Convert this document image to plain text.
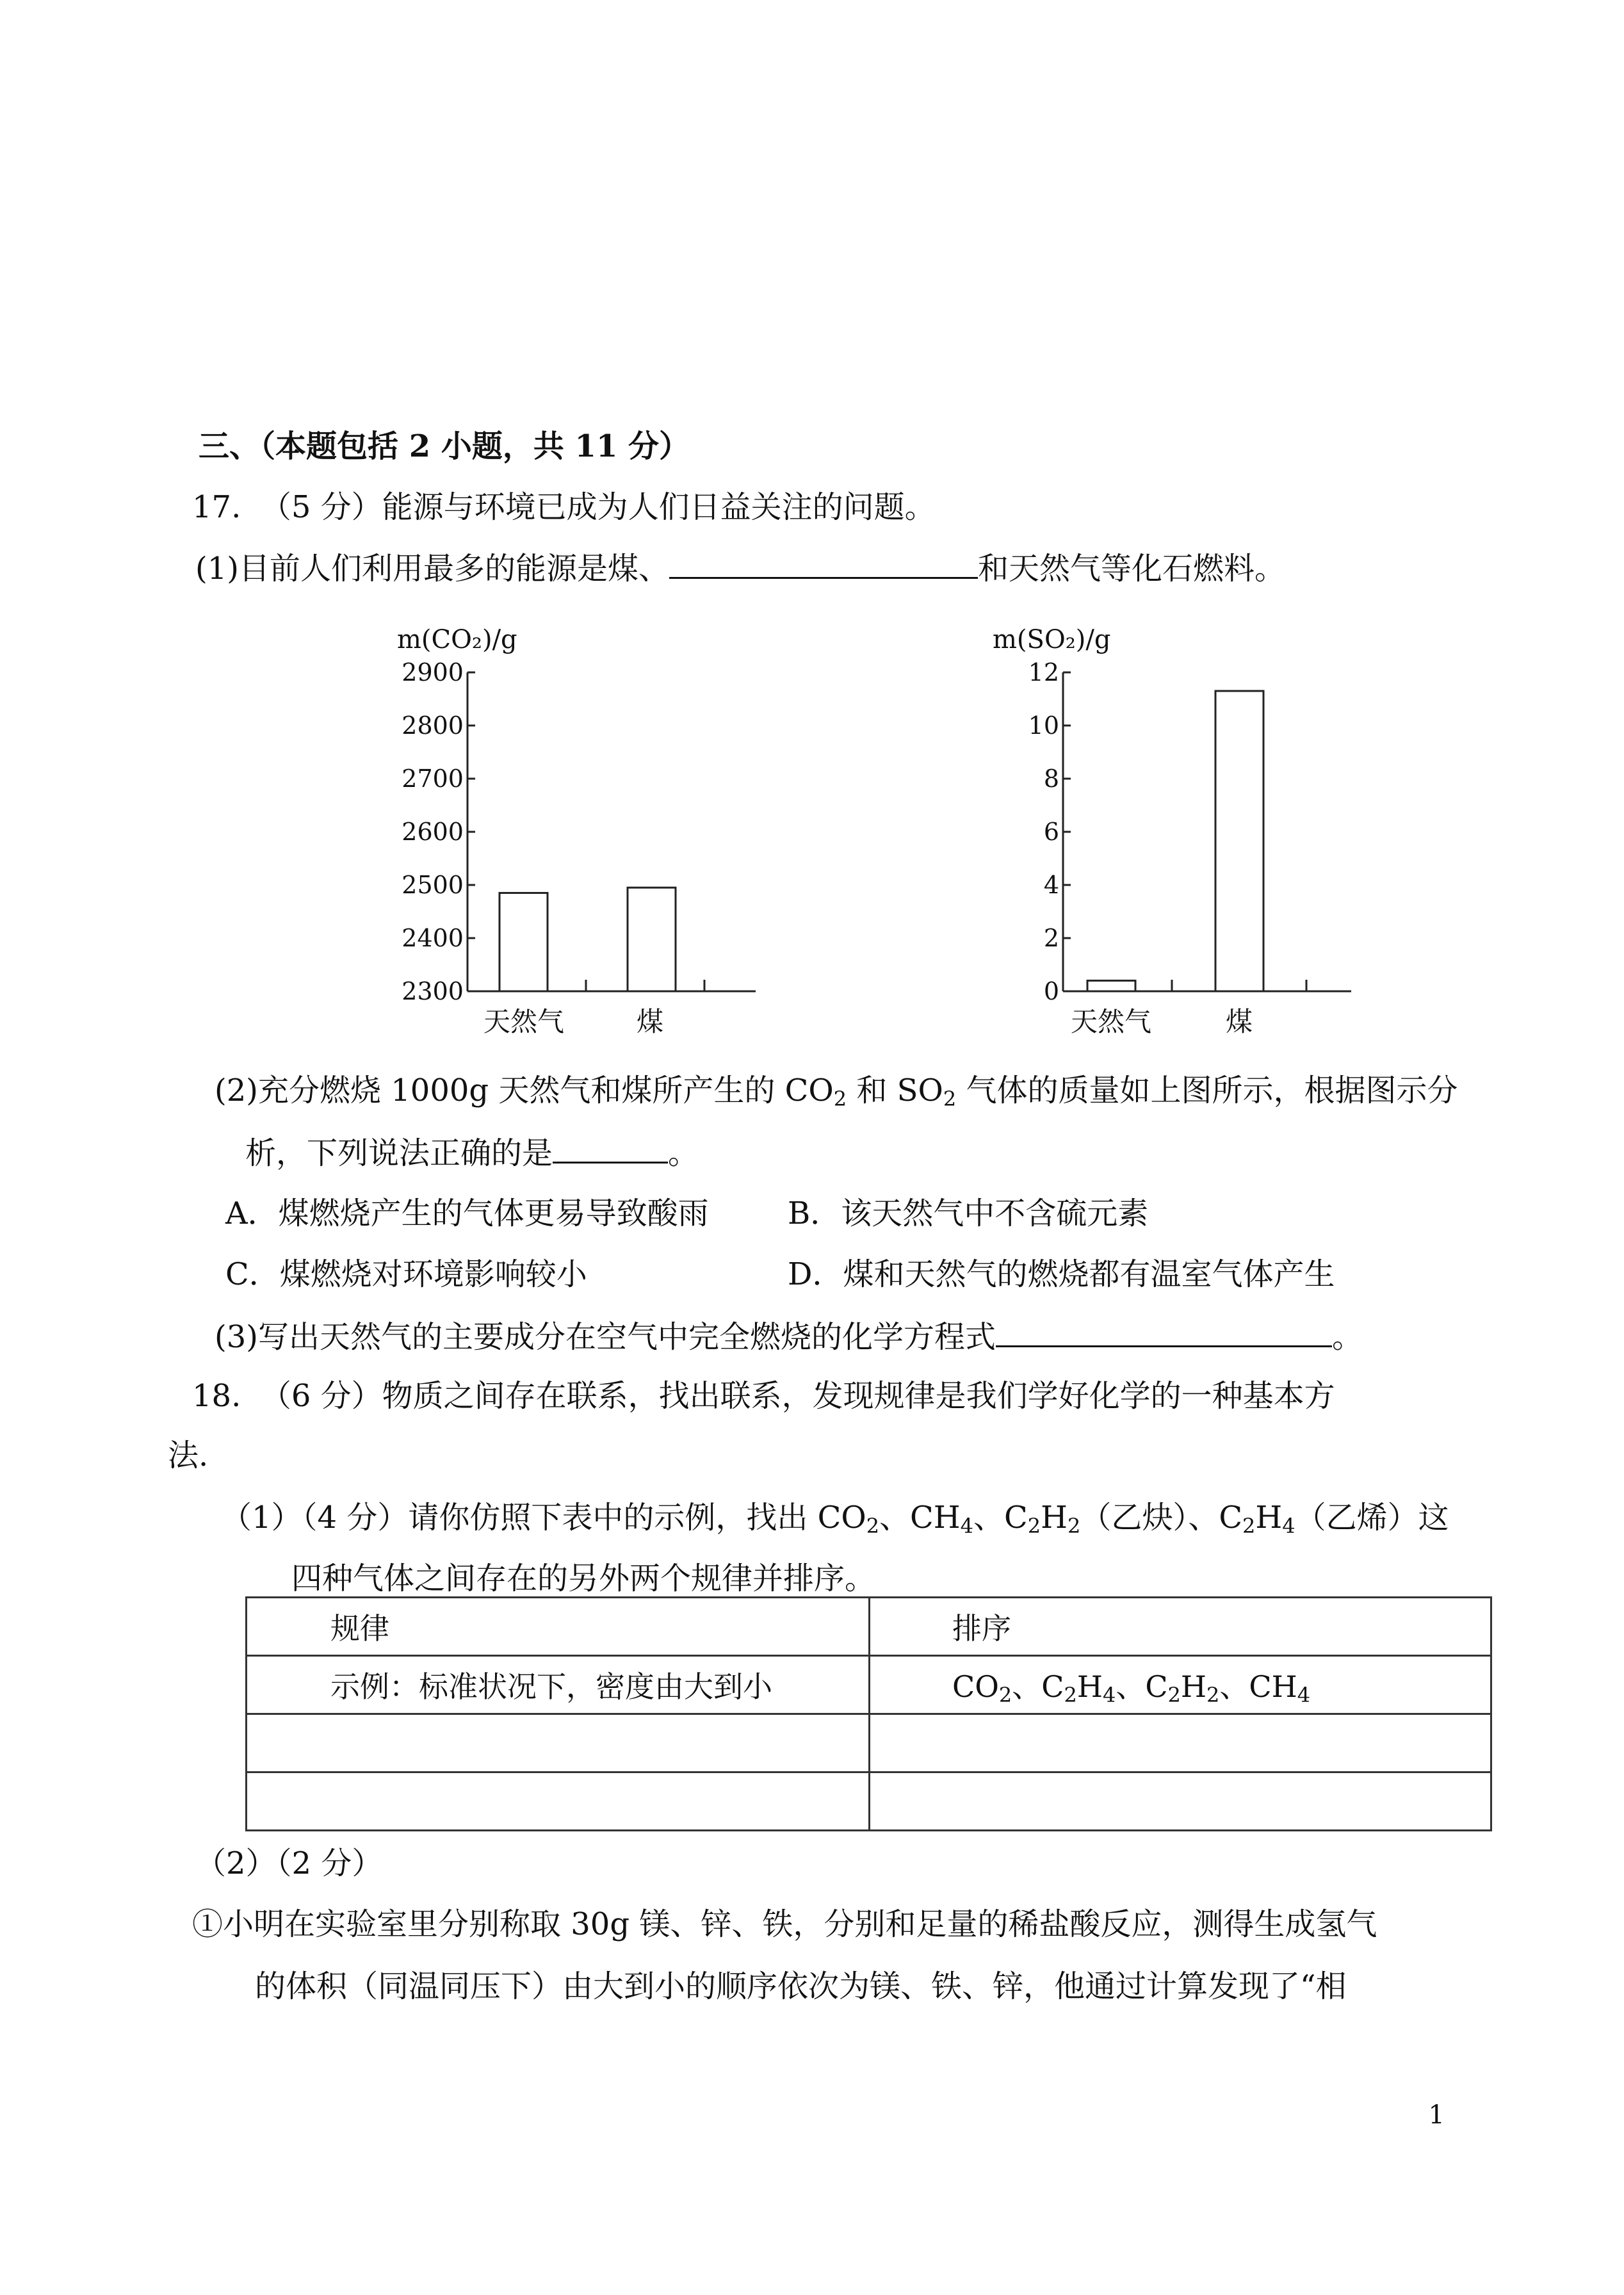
三、（本题包括 2 小题，共 11 分）
17. （5 分）能源与环境已成为人们日益关注的问题。
(1)目前人们利用最多的能源是煤、	和天然气等化石燃料。
m(CO₂)/g
2300
2400
2500
2600
2700
2800
2900
天然气	煤
m(SO₂)/g
0
2
4
6
8
10
12
天然气	煤
(2)充分燃烧 1000g 天然气和煤所产生的 $CO_2$ 和 $SO_2$ 气体的质量如上图所示，根据图示分
析，下列说法正确的是	。
A．煤燃烧产生的气体更易导致酸雨	B．该天然气中不含硫元素
C．煤燃烧对环境影响较小	D．煤和天然气的燃烧都有温室气体产生
(3)写出天然气的主要成分在空气中完全燃烧的化学方程式	。
18. （6 分）物质之间存在联系，找出联系，发现规律是我们学好化学的一种基本方
法.
（1）（4 分）请你仿照下表中的示例，找出 $CO_2$、$CH_4$、$C_2H_2$（乙炔）、$C_2H_4$（乙烯）这
四种气体之间存在的另外两个规律并排序。
规律	排序
示例：标准状况下，密度由大到小	$CO_2$、$C_2H_4$、$C_2H_2$、$CH_4$

（2）（2 分）
①小明在实验室里分别称取 30g 镁、锌、铁，分别和足量的稀盐酸反应，测得生成氢气
的体积（同温同压下）由大到小的顺序依次为镁、铁、锌，他通过计算发现了“相
1
